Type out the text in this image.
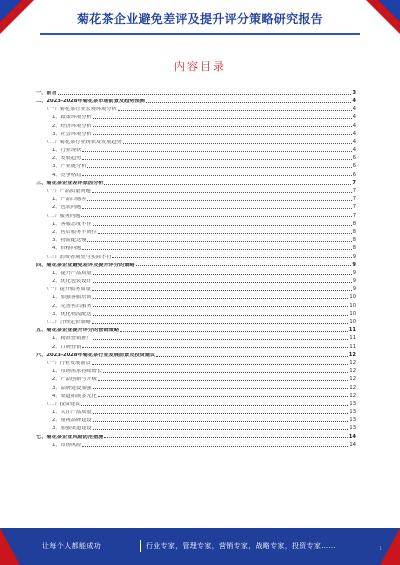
菊花茶企业避免差评及提升评分策略研究报告
内容目录
一、前言	3
二、2023-2028年菊花茶市场前景及趋势预测	4
（一）菊花茶行业宏观环境分析	4
1、政策环境分析	4
2、经济环境分析	4
3、社会环境分析	4
（二）菊花茶行业现状及发展趋势	4
1、行业现状	4
2、发展趋势	6
3、产业链分析	6
4、竞争格局	6
三、菊花茶企业差评原因分析	7
（一）产品质量问题	7
1、产品口感差	7
2、包装问题	7
（二）服务问题	7
1、客服态度不佳	8
2、售后服务不到位	8
3、物流配送慢	8
4、价格问题	8
（三）消费者期望与实际不符	9
四、菊花茶企业避免差评及提升评分的策略	9
1、提升产品质量	9
2、优化包装设计	9
（一）提升服务质量	9
1、加强客服培训	10
2、完善售后服务	10
3、优化物流配送	10
（二）合理定价策略	10
五、菊花茶企业提升评分的营销策略	11
1、精准营销推广	11
2、口碑营销	11
六、2023-2028年菊花茶行业发展前景及投资建议	12
（一）行业发展前景	12
1、市场需求持续增长	12
2、产品创新与升级	12
3、品牌建设加强	12
4、渠道拓展多元化	12
（二）投资建议	13
1、关注产品质量	13
2、重视品牌建设	13
3、加强渠道建设	13
七、菊花茶企业风险防范措施	14
1、市场风险	14
让每个人都能成功	行业专家，管理专家，营销专家，战略专家，投资专家……	1
